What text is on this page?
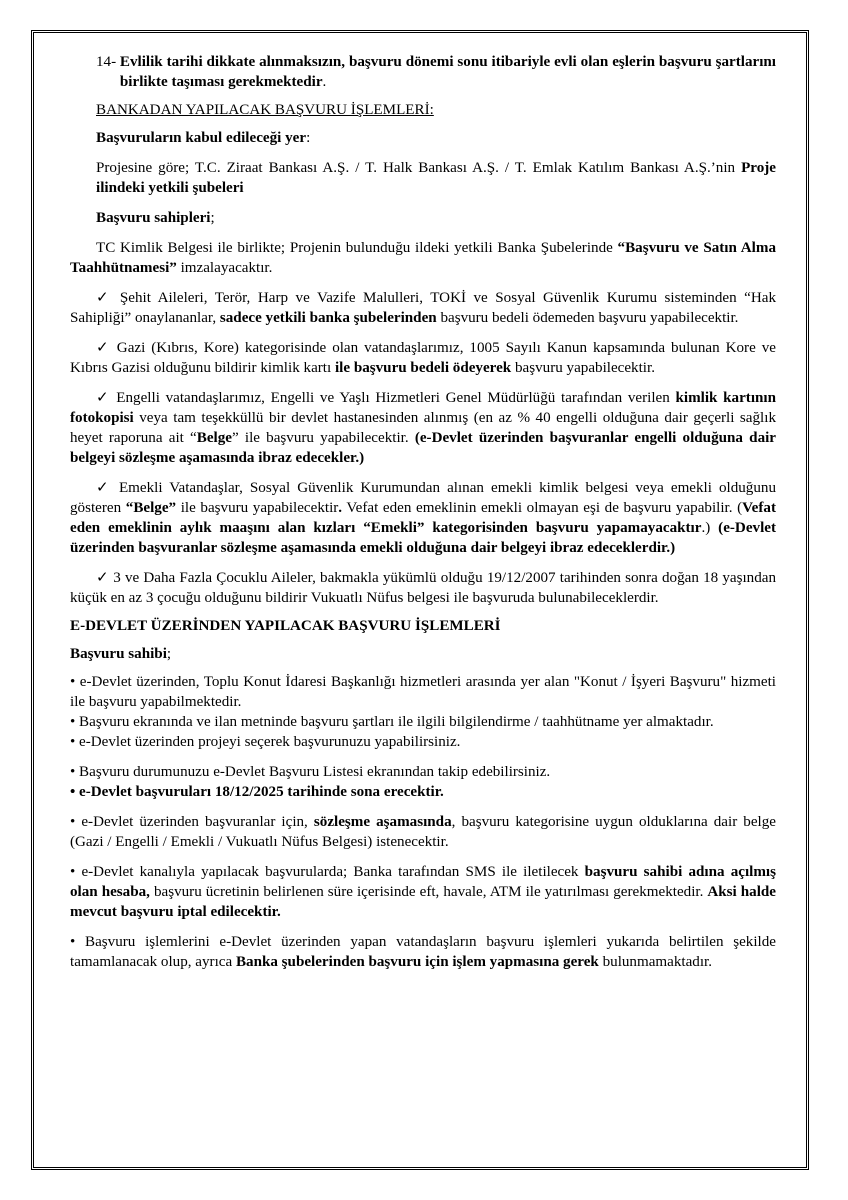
14- Evlilik tarihi dikkate alınmaksızın, başvuru dönemi sonu itibariyle evli olan eşlerin başvuru şartlarını birlikte taşıması gerekmektedir.

BANKADAN YAPILACAK BAŞVURU İŞLEMLERİ:

Başvuruların kabul edileceği yer:

Projesine göre; T.C. Ziraat Bankası A.Ş. / T. Halk Bankası A.Ş. / T. Emlak Katılım Bankası A.Ş.’nin Proje ilindeki yetkili şubeleri

Başvuru sahipleri;

TC Kimlik Belgesi ile birlikte; Projenin bulunduğu ildeki yetkili Banka Şubelerinde “Başvuru ve Satın Alma Taahhütnamesi” imzalayacaktır.

✓ Şehit Aileleri, Terör, Harp ve Vazife Malulleri, TOKİ ve Sosyal Güvenlik Kurumu sisteminden “Hak Sahipliği” onaylananlar, sadece yetkili banka şubelerinden başvuru bedeli ödemeden başvuru yapabilecektir.

✓ Gazi (Kıbrıs, Kore) kategorisinde olan vatandaşlarımız, 1005 Sayılı Kanun kapsamında bulunan Kore ve Kıbrıs Gazisi olduğunu bildirir kimlik kartı ile başvuru bedeli ödeyerek başvuru yapabilecektir.

✓ Engelli vatandaşlarımız, Engelli ve Yaşlı Hizmetleri Genel Müdürlüğü tarafından verilen kimlik kartının fotokopisi veya tam teşekküllü bir devlet hastanesinden alınmış (en az % 40 engelli olduğuna dair geçerli sağlık heyet raporuna ait “Belge” ile başvuru yapabilecektir. (e-Devlet üzerinden başvuranlar engelli olduğuna dair belgeyi sözleşme aşamasında ibraz edecekler.)

✓ Emekli Vatandaşlar, Sosyal Güvenlik Kurumundan alınan emekli kimlik belgesi veya emekli olduğunu gösteren “Belge” ile başvuru yapabilecektir. Vefat eden emeklinin emekli olmayan eşi de başvuru yapabilir. (Vefat eden emeklinin aylık maaşını alan kızları “Emekli” kategorisinden başvuru yapamayacaktır.) (e-Devlet üzerinden başvuranlar sözleşme aşamasında emekli olduğuna dair belgeyi ibraz edeceklerdir.)

✓ 3 ve Daha Fazla Çocuklu Aileler, bakmakla yükümlü olduğu 19/12/2007 tarihinden sonra doğan 18 yaşından küçük en az 3 çocuğu olduğunu bildirir Vukuatlı Nüfus belgesi ile başvuruda bulunabileceklerdir.

E-DEVLET ÜZERİNDEN YAPILACAK BAŞVURU İŞLEMLERİ

Başvuru sahibi;

• e-Devlet üzerinden, Toplu Konut İdaresi Başkanlığı hizmetleri arasında yer alan "Konut / İşyeri Başvuru" hizmeti ile başvuru yapabilmektedir.

• Başvuru ekranında ve ilan metninde başvuru şartları ile ilgili bilgilendirme / taahhütname yer almaktadır.

• e-Devlet üzerinden projeyi seçerek başvurunuzu yapabilirsiniz.

• Başvuru durumunuzu e-Devlet Başvuru Listesi ekranından takip edebilirsiniz.

• e-Devlet başvuruları 18/12/2025 tarihinde sona erecektir.

• e-Devlet üzerinden başvuranlar için, sözleşme aşamasında, başvuru kategorisine uygun olduklarına dair belge (Gazi / Engelli / Emekli / Vukuatlı Nüfus Belgesi) istenecektir.

• e-Devlet kanalıyla yapılacak başvurularda; Banka tarafından SMS ile iletilecek başvuru sahibi adına açılmış olan hesaba, başvuru ücretinin belirlenen süre içerisinde eft, havale, ATM ile yatırılması gerekmektedir. Aksi halde mevcut başvuru iptal edilecektir.

• Başvuru işlemlerini e-Devlet üzerinden yapan vatandaşların başvuru işlemleri yukarıda belirtilen şekilde tamamlanacak olup, ayrıca Banka şubelerinden başvuru için işlem yapmasına gerek bulunmamaktadır.
